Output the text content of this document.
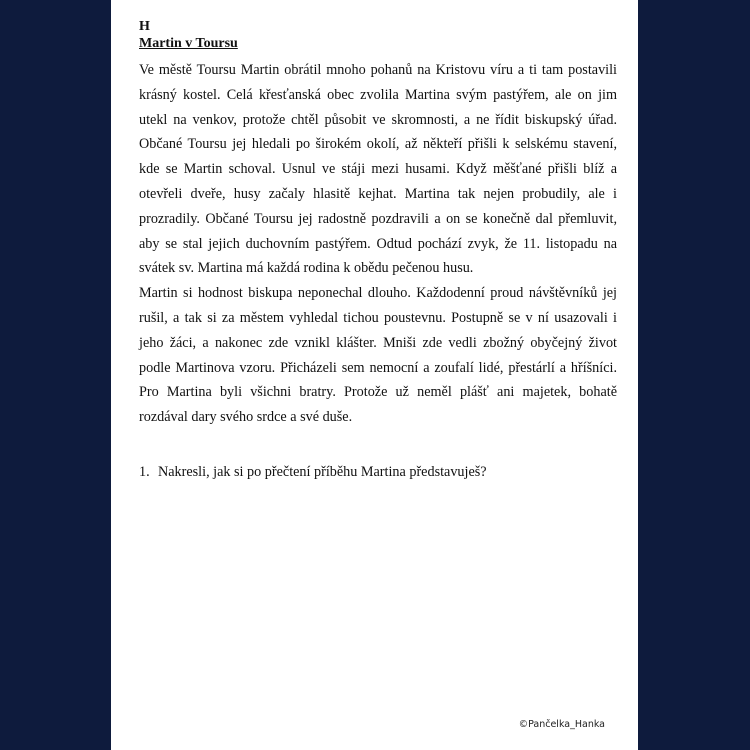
H
Martin v Toursu

Ve městě Toursu Martin obrátil mnoho pohanů na Kristovu víru a ti tam postavili krásný kostel. Celá křesťanská obec zvolila Martina svým pastýřem, ale on jim utekl na venkov, protože chtěl působit ve skromnosti, a ne řídit biskupský úřad. Občané Toursu jej hledali po širokém okolí, až někteří přišli k selskému stavení, kde se Martin schoval. Usnul ve stáji mezi husami. Když měšťané přišli blíž a otevřeli dveře, husy začaly hlasitě kejhat. Martina tak nejen probudily, ale i prozradily. Občané Toursu jej radostně pozdravili a on se konečně dal přemluvit, aby se stal jejich duchovním pastýřem. Odtud pochází zvyk, že 11. listopadu na svátek sv. Martina má každá rodina k obědu pečenou husu.

Martin si hodnost biskupa neponechal dlouho. Každodenní proud návštěvníků jej rušil, a tak si za městem vyhledal tichou poustevnu. Postupně se v ní usazovali i jeho žáci, a nakonec zde vznikl klášter. Mniši zde vedli zbožný obyčejný život podle Martinova vzoru. Přicházeli sem nemocní a zoufalí lidé, přestárlí a hříšníci. Pro Martina byli všichni bratry. Protože už neměl plášť ani majetek, bohatě rozdával dary svého srdce a své duše.

1. Nakresli, jak si po přečtení příběhu Martina představuješ?
©Pančelka_Hanka
